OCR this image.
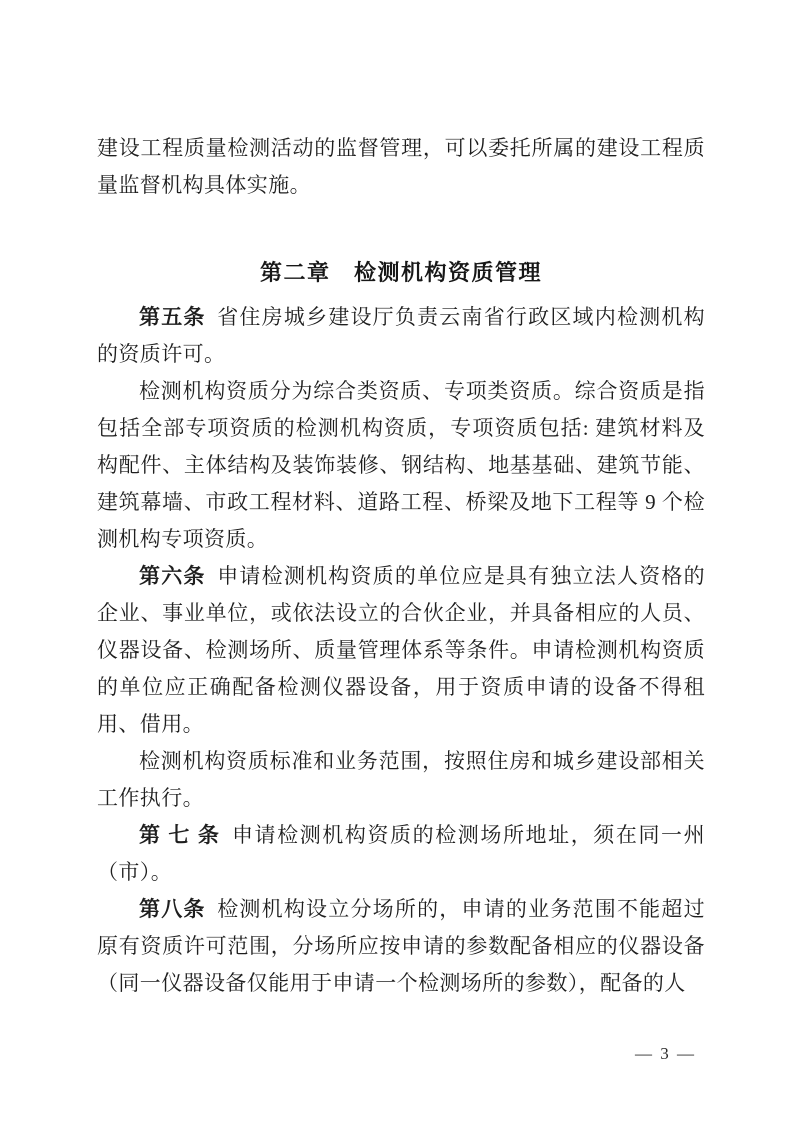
建设工程质量检测活动的监督管理，可以委托所属的建设工程质量监督机构具体实施。

第二章　检测机构资质管理

第五条 省住房城乡建设厅负责云南省行政区域内检测机构的资质许可。

检测机构资质分为综合类资质、专项类资质。综合资质是指包括全部专项资质的检测机构资质，专项资质包括: 建筑材料及构配件、主体结构及装饰装修、钢结构、地基基础、建筑节能、建筑幕墙、市政工程材料、道路工程、桥梁及地下工程等 9 个检测机构专项资质。

第六条 申请检测机构资质的单位应是具有独立法人资格的企业、事业单位，或依法设立的合伙企业，并具备相应的人员、仪器设备、检测场所、质量管理体系等条件。申请检测机构资质的单位应正确配备检测仪器设备，用于资质申请的设备不得租用、借用。

检测机构资质标准和业务范围，按照住房和城乡建设部相关工作执行。

第 七 条 申请检测机构资质的检测场所地址，须在同一州（市）。

第八条 检测机构设立分场所的，申请的业务范围不能超过原有资质许可范围，分场所应按申请的参数配备相应的仪器设备（同一仪器设备仅能用于申请一个检测场所的参数），配备的人

— 3 —
